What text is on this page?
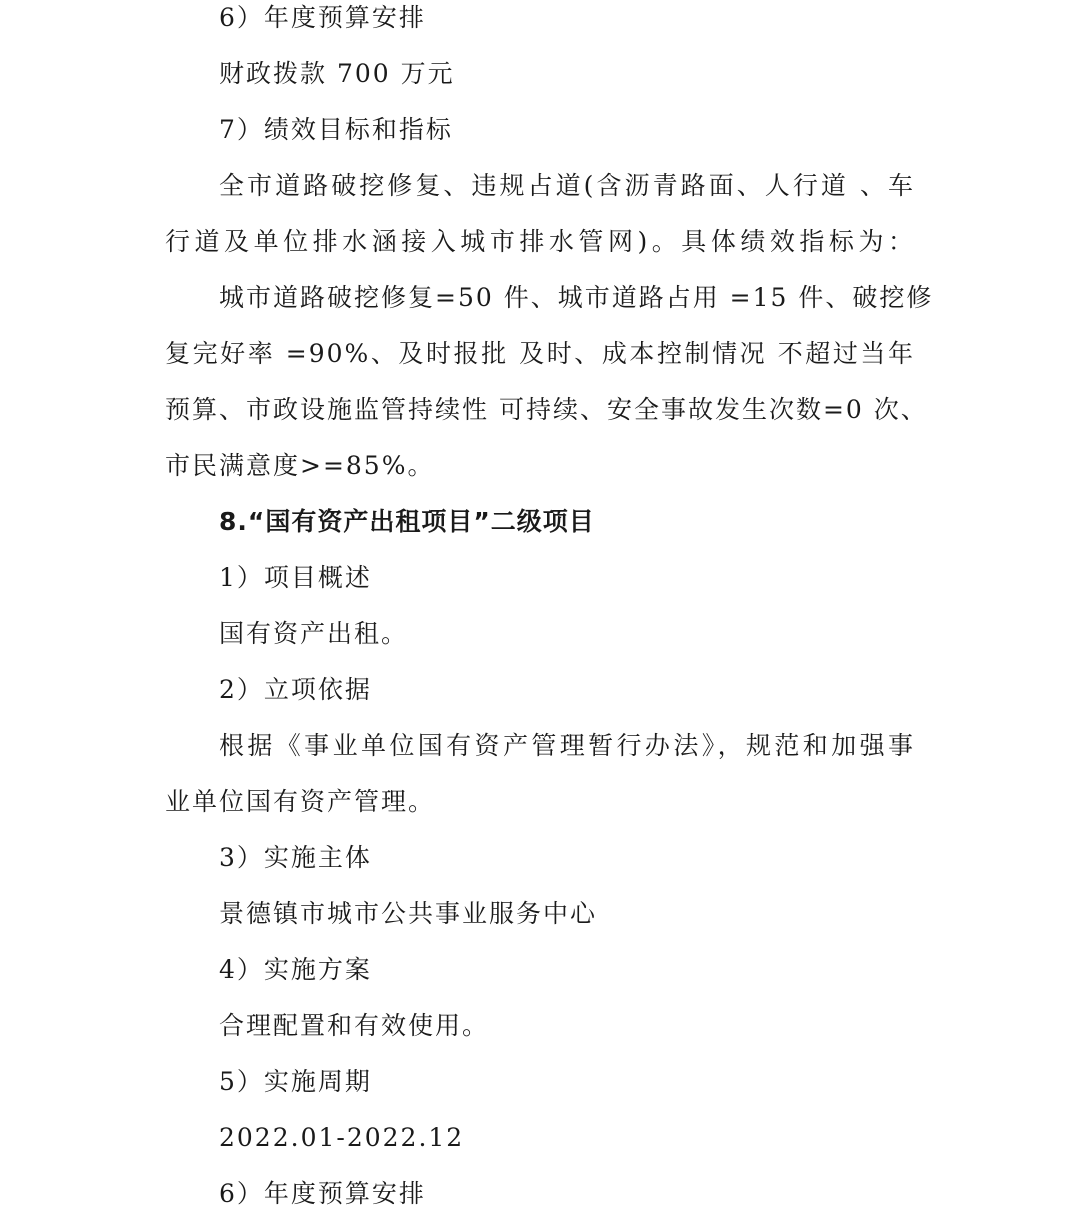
6）年度预算安排
财政拨款 700 万元
7）绩效目标和指标
全市道路破挖修复、违规占道(含沥青路面、人行道 、车
行道及单位排水涵接入城市排水管网)。具体绩效指标为：
城市道路破挖修复=50 件、城市道路占用 =15 件、破挖修
复完好率 =90%、及时报批 及时、成本控制情况 不超过当年
预算、市政设施监管持续性 可持续、安全事故发生次数=0 次、
市民满意度>=85%。
8.“国有资产出租项目”二级项目
1）项目概述
国有资产出租。
2）立项依据
根据《事业单位国有资产管理暂行办法》，规范和加强事
业单位国有资产管理。
3）实施主体
景德镇市城市公共事业服务中心
4）实施方案
合理配置和有效使用。
5）实施周期
2022.01-2022.12
6）年度预算安排
